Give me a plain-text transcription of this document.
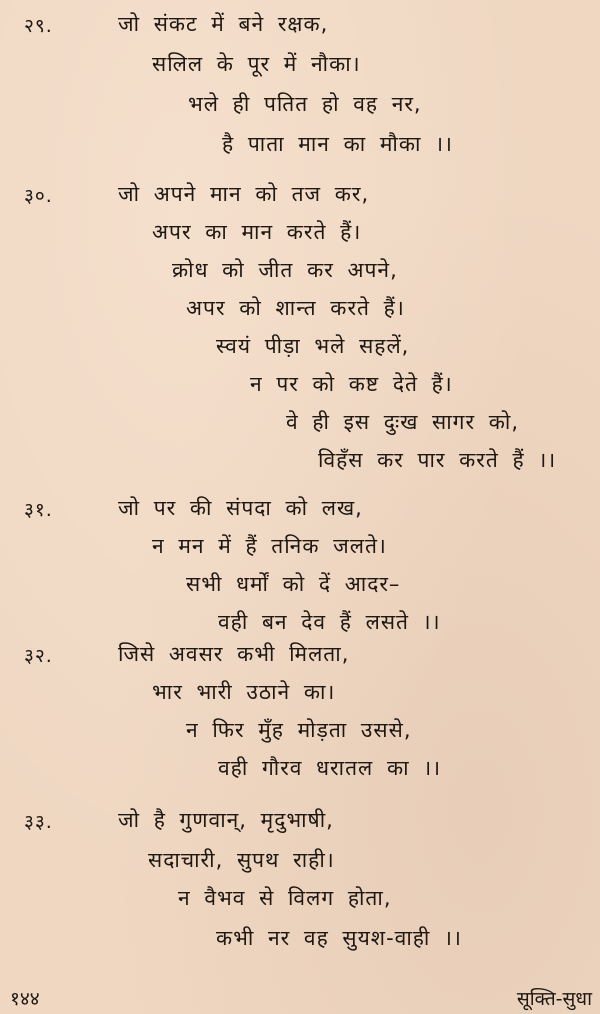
२९.	जो संकट में बने रक्षक,
सलिल के पूर में नौका।
भले ही पतित हो वह नर,
है पाता मान का मौका ।।
३०.	जो अपने मान को तज कर,
अपर का मान करते हैं।
क्रोध को जीत कर अपने,
अपर को शान्त करते हैं।
स्वयं पीड़ा भले सहलें,
न पर को कष्ट देते हैं।
वे ही इस दुःख सागर को,
विहँस कर पार करते हैं ।।
३१.	जो पर की संपदा को लख,
न मन में हैं तनिक जलते।
सभी धर्मों को दें आदर–
वही बन देव हैं लसते ।।
३२.	जिसे अवसर कभी मिलता,
भार भारी उठाने का।
न फिर मुँह मोड़ता उससे,
वही गौरव धरातल का ।।
३३.	जो है गुणवान्, मृदुभाषी,
सदाचारी, सुपथ राही।
न वैभव से विलग होता,
कभी नर वह सुयश-वाही ।।
१४४	सूक्ति-सुधा
